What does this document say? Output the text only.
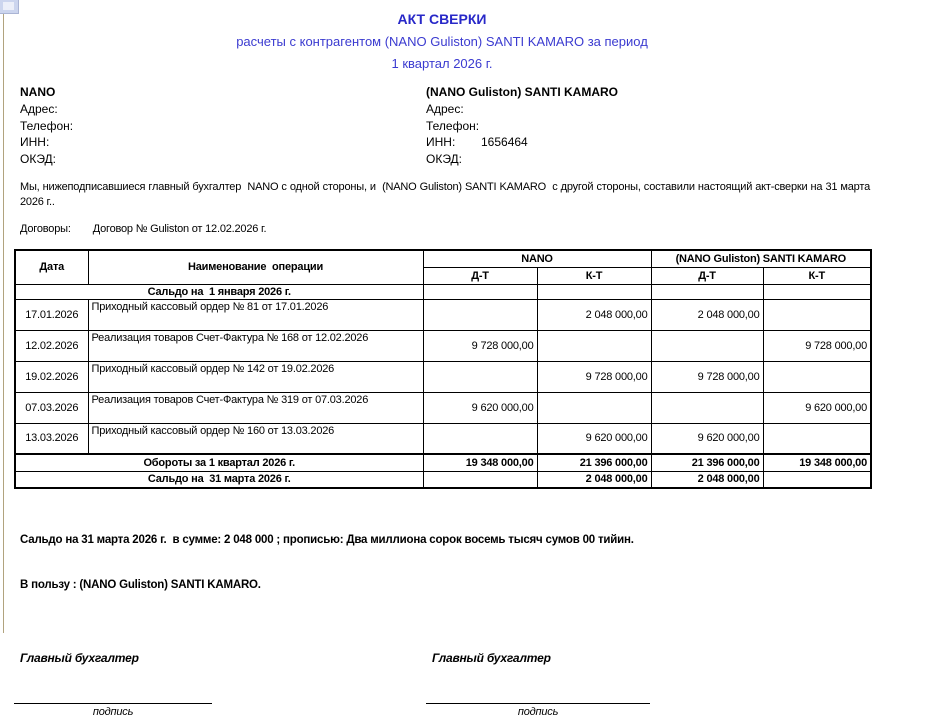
АКТ СВЕРКИ
расчеты с контрагентом (NANO Guliston) SANTI KAMARO за период
1 квартал 2026 г.
NANO
Адрес:
Телефон:
ИНН:
ОКЭД:
(NANO Guliston) SANTI KAMARO
Адрес:
Телефон:
ИНН: 1656464
ОКЭД:

Мы, нижеподписавшиеся главный бухгалтер  NANO с одной стороны, и  (NANO Guliston) SANTI KAMARO  с другой стороны, составили настоящий акт-сверки на 31 марта 2026 г..

Договоры: Договор № Guliston от 12.02.2026 г.
Дата	Наименование  операции	NANO		(NANO Guliston) SANTI KAMARO	
		Д-Т	К-Т	Д-Т	К-Т
Сальдо на  1 января 2026 г.					
17.01.2026	Приходный кассовый ордер № 81 от 17.01.2026		2 048 000,00	2 048 000,00	
12.02.2026	Реализация товаров Счет-Фактура № 168 от 12.02.2026	9 728 000,00			9 728 000,00
19.02.2026	Приходный кассовый ордер № 142 от 19.02.2026		9 728 000,00	9 728 000,00	
07.03.2026	Реализация товаров Счет-Фактура № 319 от 07.03.2026	9 620 000,00			9 620 000,00
13.03.2026	Приходный кассовый ордер № 160 от 13.03.2026		9 620 000,00	9 620 000,00	
Обороты за 1 квартал 2026 г.		19 348 000,00	21 396 000,00	21 396 000,00	19 348 000,00
Сальдо на  31 марта 2026 г.			2 048 000,00	2 048 000,00	

Сальдо на 31 марта 2026 г.  в сумме: 2 048 000 ; прописью: Два миллиона сорок восемь тысяч сумов 00 тийин.

В пользу : (NANO Guliston) SANTI KAMARO.

Главный бухгалтер	Главный бухгалтер
подпись	подпись
